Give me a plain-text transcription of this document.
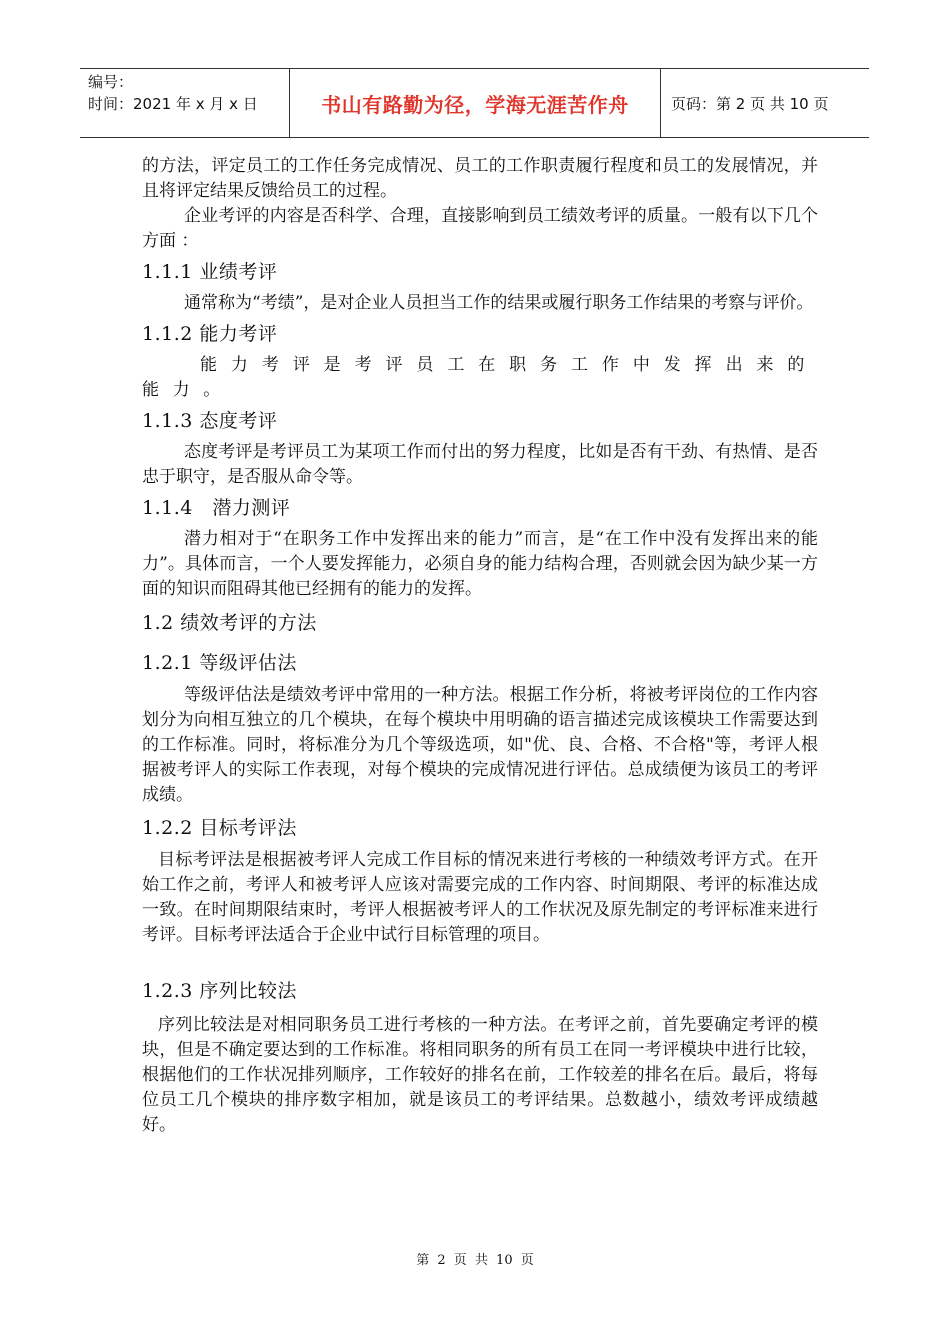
编号：
时间：2021 年 x 月 x 日	书山有路勤为径，学海无涯苦作舟	页码：第 2 页 共 10 页

的方法，评定员工的工作任务完成情况、员工的工作职责履行程度和员工的发展情况，并且将评定结果反馈给员工的过程。

企业考评的内容是否科学、合理，直接影响到员工绩效考评的质量。一般有以下几个方面 ：

1.1.1 业绩考评

通常称为“考绩”，是对企业人员担当工作的结果或履行职务工作结果的考察与评价。

1.1.2 能力考评

能力考评是考评员工在职务工作中发挥出来的能力。

1.1.3 态度考评

态度考评是考评员工为某项工作而付出的努力程度，比如是否有干劲、有热情、是否忠于职守，是否服从命令等。

1.1.4　潜力测评

潜力相对于“在职务工作中发挥出来的能力”而言，是“在工作中没有发挥出来的能力”。具体而言，一个人要发挥能力，必须自身的能力结构合理，否则就会因为缺少某一方面的知识而阻碍其他已经拥有的能力的发挥。

1.2 绩效考评的方法
1.2.1 等级评估法

等级评估法是绩效考评中常用的一种方法。根据工作分析，将被考评岗位的工作内容划分为向相互独立的几个模块，在每个模块中用明确的语言描述完成该模块工作需要达到的工作标准。同时，将标准分为几个等级选项，如"优、良、合格、不合格"等，考评人根据被考评人的实际工作表现，对每个模块的完成情况进行评估。总成绩便为该员工的考评成绩。

1.2.2 目标考评法

目标考评法是根据被考评人完成工作目标的情况来进行考核的一种绩效考评方式。在开始工作之前，考评人和被考评人应该对需要完成的工作内容、时间期限、考评的标准达成一致。在时间期限结束时，考评人根据被考评人的工作状况及原先制定的考评标准来进行考评。目标考评法适合于企业中试行目标管理的项目。

1.2.3 序列比较法

序列比较法是对相同职务员工进行考核的一种方法。在考评之前，首先要确定考评的模块，但是不确定要达到的工作标准。将相同职务的所有员工在同一考评模块中进行比较，根据他们的工作状况排列顺序，工作较好的排名在前，工作较差的排名在后。最后，将每位员工几个模块的排序数字相加，就是该员工的考评结果。总数越小，绩效考评成绩越好。

第 2 页 共 10 页
